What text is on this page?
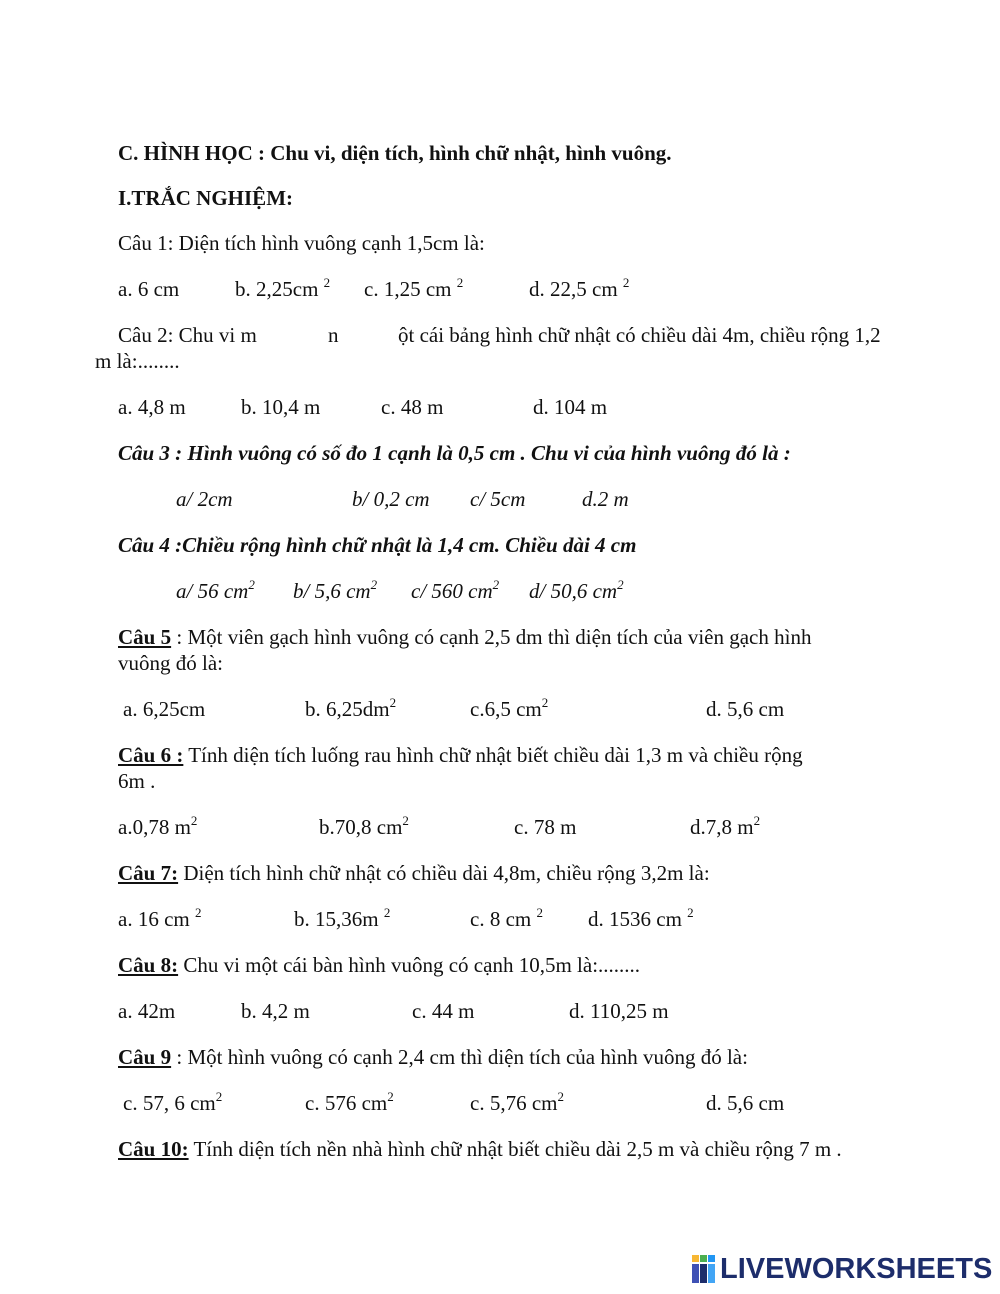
C. HÌNH HỌC : Chu vi, diện tích, hình chữ nhật, hình vuông.
I.TRẮC NGHIỆM:
Câu 1: Diện tích hình vuông cạnh 1,5cm là:
a. 6 cm	b. 2,25cm $^2$ c. 1,25 cm $^2$	d. 22,5 cm $^2$
Câu 2: Chu vi m	n	ột cái bảng hình chữ nhật có chiều dài 4m, chiều rộng 1,2
m là:........
a. 4,8 m	b. 10,4 m	c. 48 m	d. 104 m
Câu 3 : Hình vuông có số đo 1 cạnh là 0,5 cm . Chu vi của hình vuông đó là :
a/ 2cm	b/ 0,2 cm c/ 5cm	d.2 m
Câu 4 :Chiều rộng hình chữ nhật là 1,4 cm. Chiều dài 4 cm
a/ 56 $cm^2$ b/ 5,6 $cm^2$ c/ 560 $cm^2$ d/ 50,6 $cm^2$
Câu 5 : Một viên gạch hình vuông có cạnh 2,5 dm thì diện tích của viên gạch hình
vuông đó là:
a. 6,25cm	b. $6,25dm^2$	c.6,5 $cm^2$	d. 5,6 cm
Câu 6 : Tính diện tích luống rau hình chữ nhật biết chiều dài 1,3 m và chiều rộng
6m .
a.0,78 $m^2$	b.70,8 $cm^2$	c. 78 m	d.7,8 $m^2$
Câu 7: Diện tích hình chữ nhật có chiều dài 4,8m, chiều rộng 3,2m là:
a. 16 cm $^2$	b. 15,36m $^2$	c. 8 cm $^2$ d. 1536 cm $^2$
Câu 8: Chu vi một cái bàn hình vuông có cạnh 10,5m là:........
a. 42m	b. 4,2 m	c. 44 m	d. 110,25 m
Câu 9 : Một hình vuông có cạnh 2,4 cm thì diện tích của hình vuông đó là:
c. 57, 6 $cm^2$	c. 576 $cm^2$	c. 5,76 $cm^2$	d. 5,6 cm
Câu 10: Tính diện tích nền nhà hình chữ nhật biết chiều dài 2,5 m và chiều rộng 7 m .
LIVEWORKSHEETS
